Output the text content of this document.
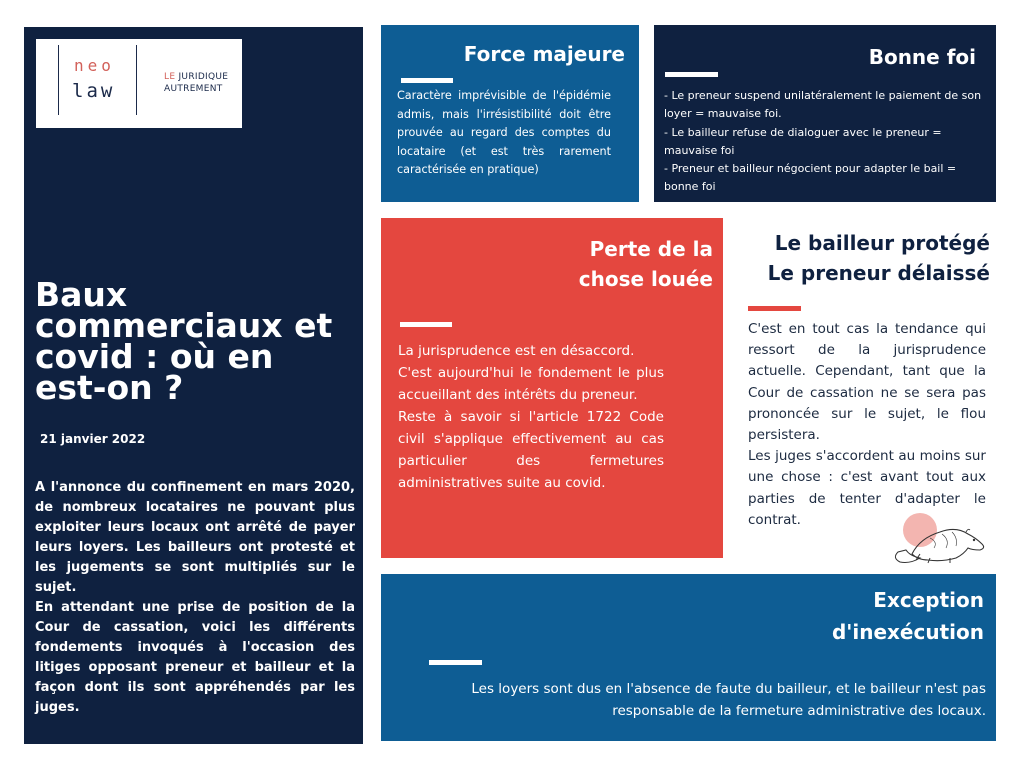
neo
law
LE JURIDIQUE
AUTREMENT
Baux commerciaux et covid : où en est-on ?
21 janvier 2022

A l'annonce du confinement en mars 2020, de nombreux locataires ne pouvant plus exploiter leurs locaux ont arrêté de payer leurs loyers. Les bailleurs ont protesté et les jugements se sont multipliés sur le sujet.

En attendant une prise de position de la Cour de cassation, voici les différents fondements invoqués à l'occasion des litiges opposant preneur et bailleur et la façon dont ils sont appréhendés par les juges.

Force majeure

Caractère imprévisible de l'épidémie admis, mais l'irrésistibilité doit être prouvée au regard des comptes du locataire (et est très rarement caractérisée en pratique)

Bonne foi
- Le preneur suspend unilatéralement le paiement de son loyer = mauvaise foi.
- Le bailleur refuse de dialoguer avec le preneur = mauvaise foi
- Preneur et bailleur négocient pour adapter le bail = bonne foi
Perte de la
chose louée
La jurisprudence est en désaccord.
C'est aujourd'hui le fondement le plus accueillant des intérêts du preneur.
Reste à savoir si l'article 1722 Code civil s'applique effectivement au cas particulier des fermetures administratives suite au covid.
Le bailleur protégé
Le preneur délaissé
C'est en tout cas la tendance qui ressort de la jurisprudence actuelle. Cependant, tant que la Cour de cassation ne se sera pas prononcée sur le sujet, le flou persistera.
Les juges s'accordent au moins sur une chose : c'est avant tout aux parties de tenter d'adapter le contrat.
Exception
d'inexécution

Les loyers sont dus en l'absence de faute du bailleur, et le bailleur n'est pas responsable de la fermeture administrative des locaux.
